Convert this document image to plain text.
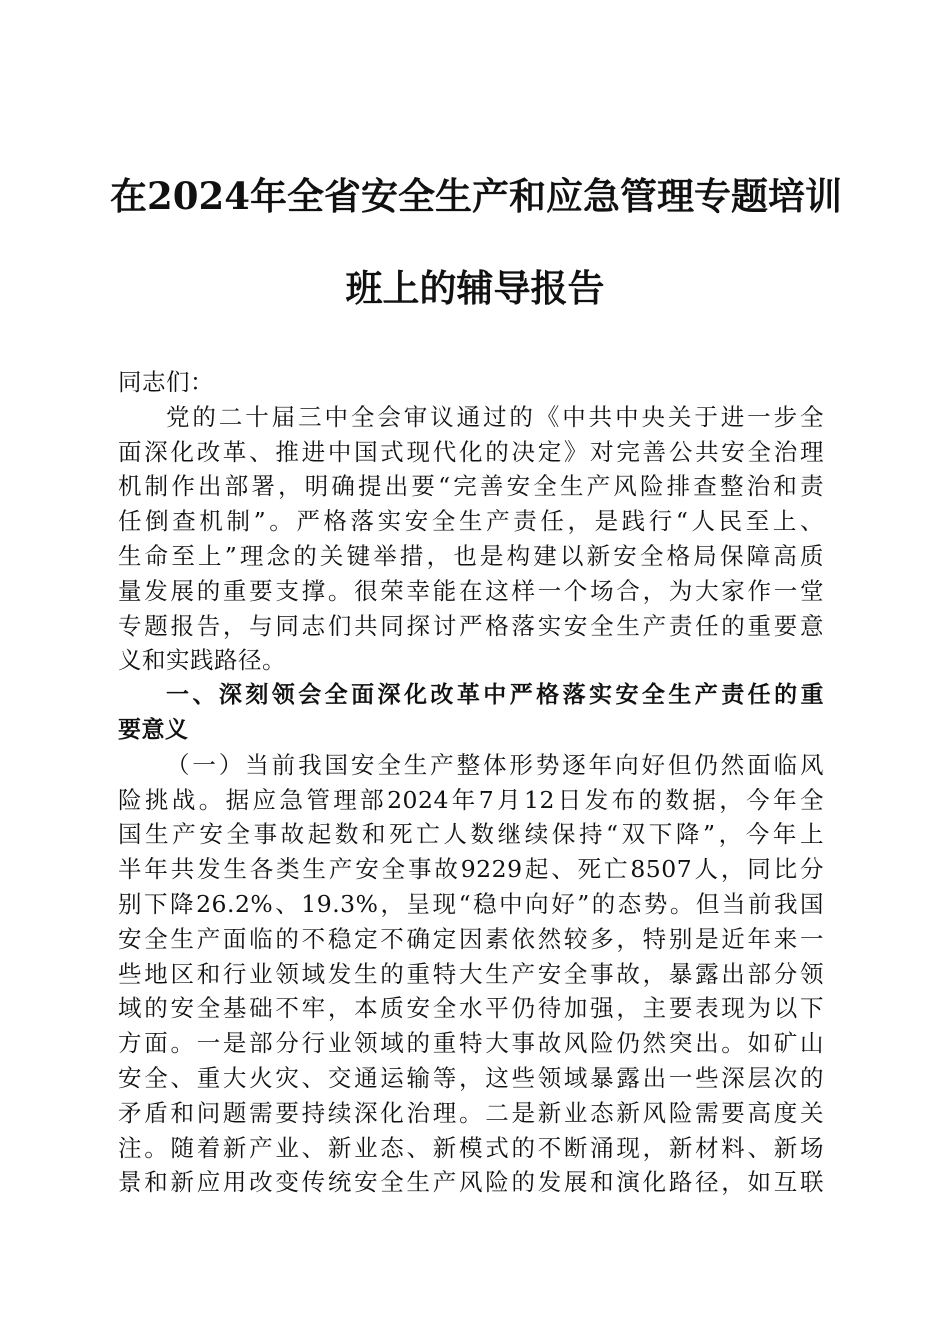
在2024年全省安全生产和应急管理专题培训
班上的辅导报告
同志们：
党的二十届三中全会审议通过的《中共中央关于进一步全
面深化改革、推进中国式现代化的决定》对完善公共安全治理
机制作出部署，明确提出要“完善安全生产风险排查整治和责
任倒查机制”。严格落实安全生产责任，是践行“人民至上、
生命至上”理念的关键举措，也是构建以新安全格局保障高质
量发展的重要支撑。很荣幸能在这样一个场合，为大家作一堂
专题报告，与同志们共同探讨严格落实安全生产责任的重要意
义和实践路径。
一、深刻领会全面深化改革中严格落实安全生产责任的重
要意义
（一）当前我国安全生产整体形势逐年向好但仍然面临风
险挑战。据应急管理部2024年7月12日发布的数据，今年全
国生产安全事故起数和死亡人数继续保持“双下降”，今年上
半年共发生各类生产安全事故9229起、死亡8507人，同比分
别下降26.2%、19.3%，呈现“稳中向好”的态势。但当前我国
安全生产面临的不稳定不确定因素依然较多，特别是近年来一
些地区和行业领域发生的重特大生产安全事故，暴露出部分领
域的安全基础不牢，本质安全水平仍待加强，主要表现为以下
方面。一是部分行业领域的重特大事故风险仍然突出。如矿山
安全、重大火灾、交通运输等，这些领域暴露出一些深层次的
矛盾和问题需要持续深化治理。二是新业态新风险需要高度关
注。随着新产业、新业态、新模式的不断涌现，新材料、新场
景和新应用改变传统安全生产风险的发展和演化路径，如互联
